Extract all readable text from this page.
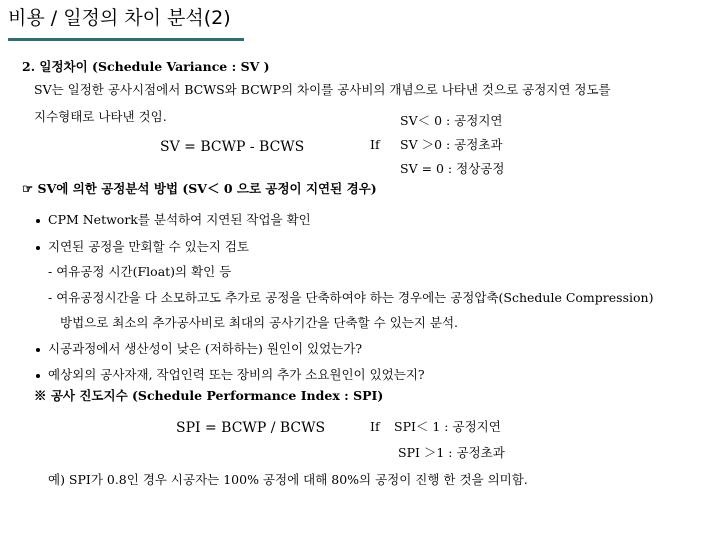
비용 / 일정의 차이 분석(2)
2. 일정차이 (Schedule Variance : SV )
SV는 일정한 공사시점에서 BCWS와 BCWP의 차이를 공사비의 개념으로 나타낸 것으로 공정지연 정도를
지수형태로 나타낸 것임.
SV = BCWP - BCWS	If
SV＜ 0 : 공정지연
SV ＞0 : 공정초과
SV = 0 : 정상공정
☞ SV에 의한 공정분석 방법 (SV＜ 0 으로 공정이 지연된 경우)
CPM Network를 분석하여 지연된 작업을 확인
지연된 공정을 만회할 수 있는지 검토
- 여유공정 시간(Float)의 확인 등
- 여유공정시간을 다 소모하고도 추가로 공정을 단축하여야 하는 경우에는 공정압축(Schedule Compression)
방법으로 최소의 추가공사비로 최대의 공사기간을 단축할 수 있는지 분석.
시공과정에서 생산성이 낮은 (저하하는) 원인이 있었는가?
예상외의 공사자재, 작업인력 또는 장비의 추가 소요원인이 있었는지?
※ 공사 진도지수 (Schedule Performance Index : SPI)
SPI = BCWP / BCWS	If SPI＜ 1 : 공정지연
SPI ＞1 : 공정초과
예) SPI가 0.8인 경우 시공자는 100% 공정에 대해 80%의 공정이 진행 한 것을 의미함.
